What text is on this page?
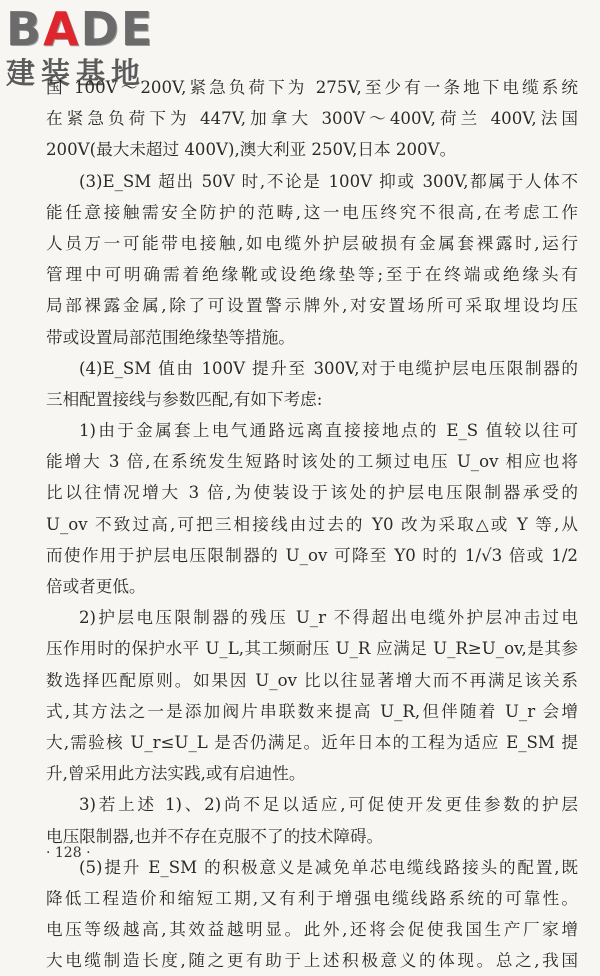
BADE
建装基地
国 100V～200V,紧急负荷下为 275V,至少有一条地下电缆系统
在紧急负荷下为 447V,加拿大 300V～400V,荷兰 400V,法国
200V(最大未超过 400V),澳大利亚 250V,日本 200V。
(3)E_SM 超出 50V 时,不论是 100V 抑或 300V,都属于人体不
能任意接触需安全防护的范畴,这一电压终究不很高,在考虑工作
人员万一可能带电接触,如电缆外护层破损有金属套裸露时,运行
管理中可明确需着绝缘靴或设绝缘垫等;至于在终端或绝缘头有
局部裸露金属,除了可设置警示牌外,对安置场所可采取埋设均压
带或设置局部范围绝缘垫等措施。
(4)E_SM 值由 100V 提升至 300V,对于电缆护层电压限制器的
三相配置接线与参数匹配,有如下考虑:
1)由于金属套上电气通路远离直接接地点的 E_S 值较以往可
能增大 3 倍,在系统发生短路时该处的工频过电压 U_ov 相应也将
比以往情况增大 3 倍,为使装设于该处的护层电压限制器承受的
U_ov 不致过高,可把三相接线由过去的 Y0 改为采取△或 Y 等,从
而使作用于护层电压限制器的 U_ov 可降至 Y0 时的 1/√3 倍或 1/2
倍或者更低。
2)护层电压限制器的残压 U_r 不得超出电缆外护层冲击过电
压作用时的保护水平 U_L,其工频耐压 U_R 应满足 U_R≥U_ov,是其参
数选择匹配原则。如果因 U_ov 比以往显著增大而不再满足该关系
式,其方法之一是添加阀片串联数来提高 U_R,但伴随着 U_r 会增
大,需验核 U_r≤U_L 是否仍满足。近年日本的工程为适应 E_SM 提
升,曾采用此方法实践,或有启迪性。
3)若上述 1)、2)尚不足以适应,可促使开发更佳参数的护层
电压限制器,也并不存在克服不了的技术障碍。
(5)提升 E_SM 的积极意义是减免单芯电缆线路接头的配置,既
降低工程造价和缩短工期,又有利于增强电缆线路系统的可靠性。
电压等级越高,其效益越明显。此外,还将会促使我国生产厂家增
大电缆制造长度,随之更有助于上述积极意义的体现。总之,我国
· 128 ·
